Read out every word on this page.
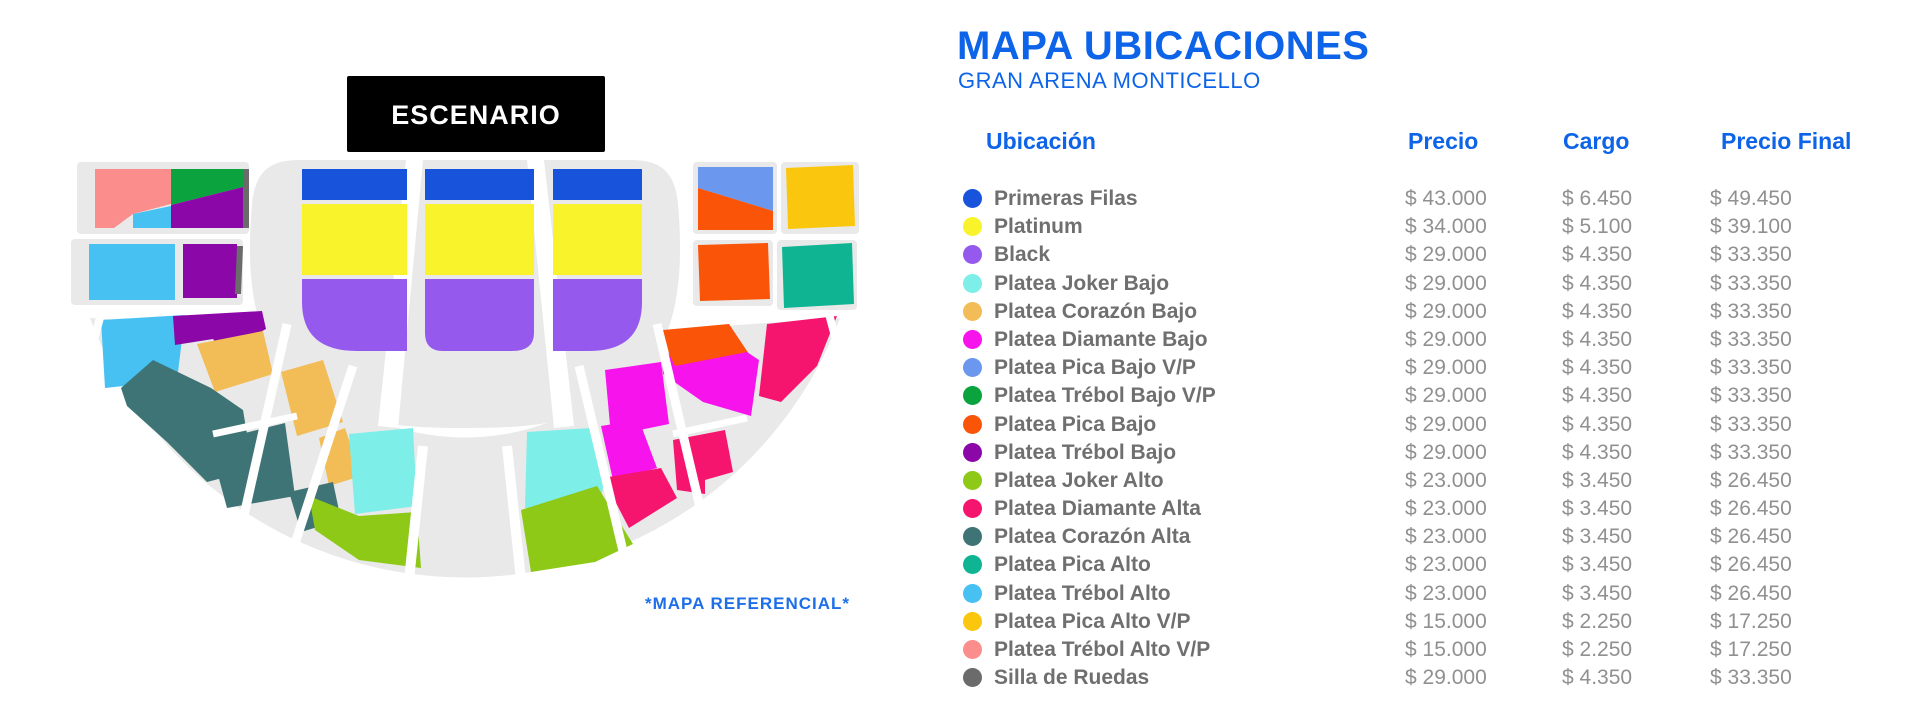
ESCENARIO
*MAPA REFERENCIAL*
MAPA UBICACIONES
GRAN ARENA MONTICELLO
Ubicación	Precio	Cargo	Precio Final
Primeras Filas	$ 43.000	$ 6.450	$ 49.450
Platinum	$ 34.000	$ 5.100	$ 39.100
Black	$ 29.000	$ 4.350	$ 33.350
Platea Joker Bajo	$ 29.000	$ 4.350	$ 33.350
Platea Corazón Bajo	$ 29.000	$ 4.350	$ 33.350
Platea Diamante Bajo	$ 29.000	$ 4.350	$ 33.350
Platea Pica Bajo V/P	$ 29.000	$ 4.350	$ 33.350
Platea Trébol Bajo V/P	$ 29.000	$ 4.350	$ 33.350
Platea Pica Bajo	$ 29.000	$ 4.350	$ 33.350
Platea Trébol Bajo	$ 29.000	$ 4.350	$ 33.350
Platea Joker Alto	$ 23.000	$ 3.450	$ 26.450
Platea Diamante Alta	$ 23.000	$ 3.450	$ 26.450
Platea Corazón Alta	$ 23.000	$ 3.450	$ 26.450
Platea Pica Alto	$ 23.000	$ 3.450	$ 26.450
Platea Trébol Alto	$ 23.000	$ 3.450	$ 26.450
Platea Pica Alto V/P	$ 15.000	$ 2.250	$ 17.250
Platea Trébol Alto V/P	$ 15.000	$ 2.250	$ 17.250
Silla de Ruedas	$ 29.000	$ 4.350	$ 33.350
